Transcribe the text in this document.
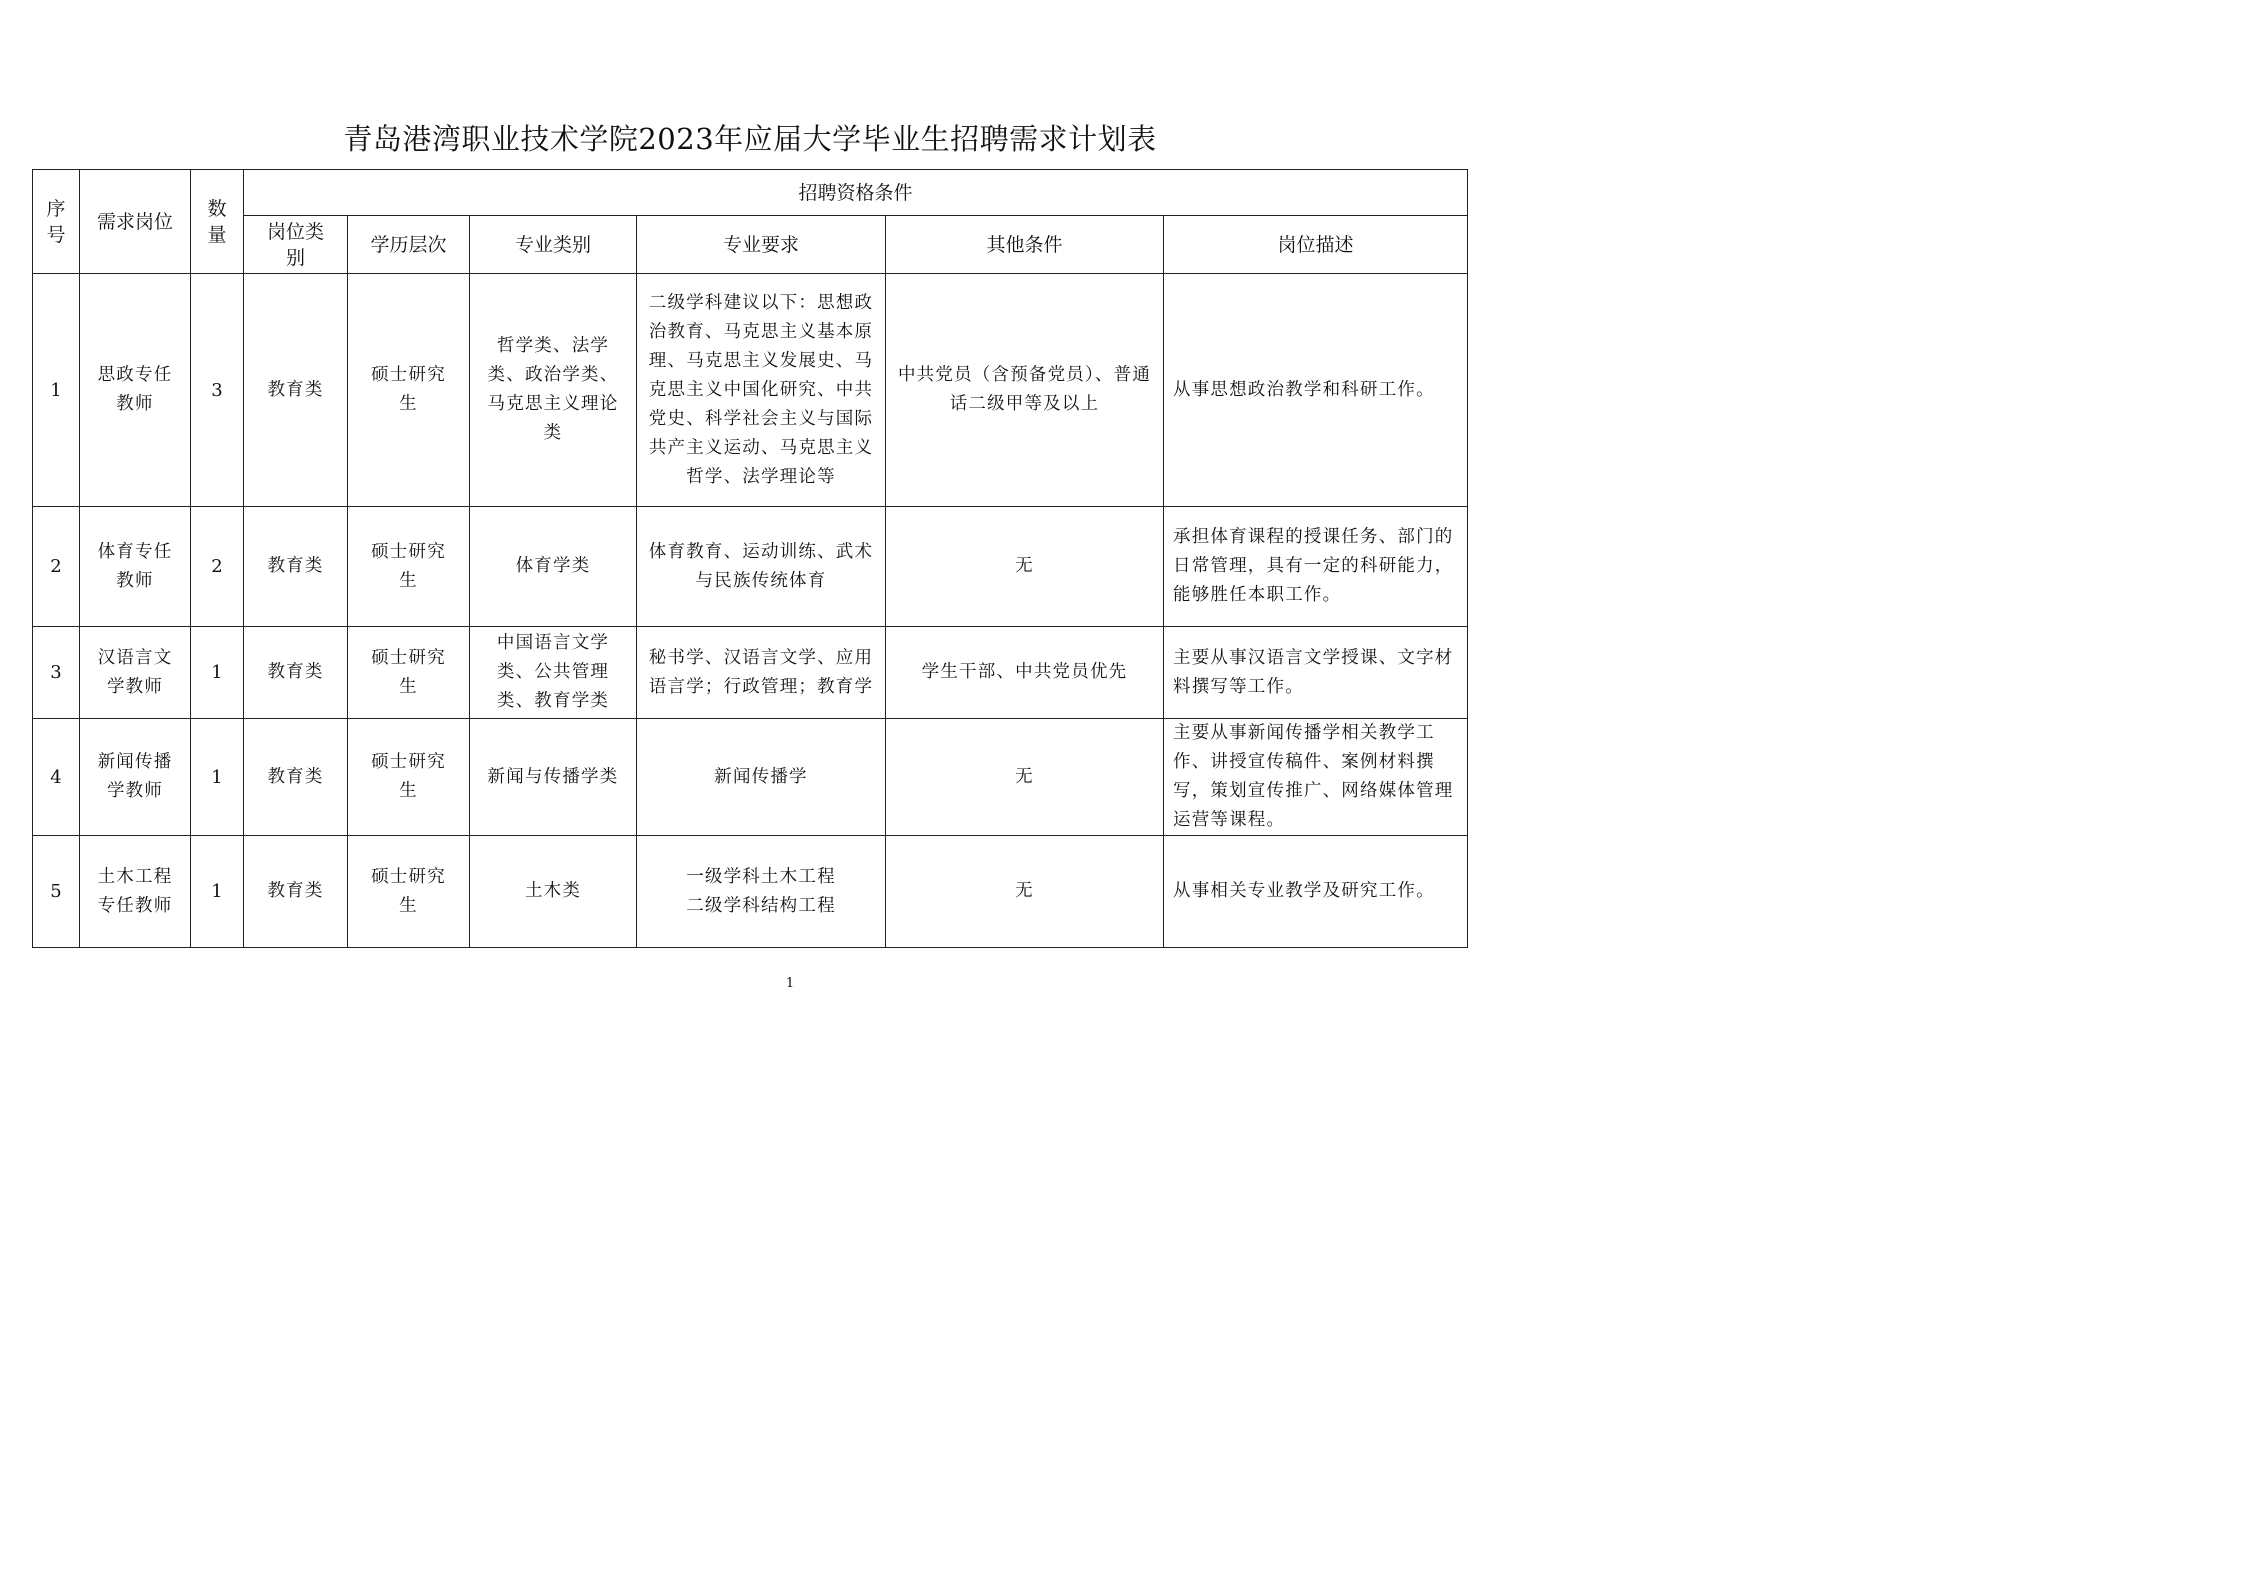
青岛港湾职业技术学院2023年应届大学毕业生招聘需求计划表
序号	需求岗位	数量	招聘资格条件					

			岗位类别	学历层次	专业类别	专业要求	其他条件	岗位描述
1	思政专任教师	3	教育类	硕士研究生	哲学类、法学类、政治学类、马克思主义理论类	二级学科建议以下：思想政治教育、马克思主义基本原理、马克思主义发展史、马克思主义中国化研究、中共党史、科学社会主义与国际共产主义运动、马克思主义哲学、法学理论等	中共党员（含预备党员）、普通话二级甲等及以上	从事思想政治教学和科研工作。

2	体育专任教师	2	教育类	硕士研究生	体育学类	体育教育、运动训练、武术与民族传统体育	无	承担体育课程的授课任务、部门的日常管理，具有一定的科研能力，能够胜任本职工作。

3	汉语言文学教师	1	教育类	硕士研究生	中国语言文学类、公共管理类、教育学类	秘书学、汉语言文学、应用语言学；行政管理；教育学	学生干部、中共党员优先	主要从事汉语言文学授课、文字材料撰写等工作。

4	新闻传播学教师	1	教育类	硕士研究生	新闻与传播学类	新闻传播学	无	主要从事新闻传播学相关教学工作、讲授宣传稿件、案例材料撰写，策划宣传推广、网络媒体管理运营等课程。

5	土木工程专任教师	1	教育类	硕士研究生	土木类	一级学科土木工程
二级学科结构工程	无	从事相关专业教学及研究工作。
1
